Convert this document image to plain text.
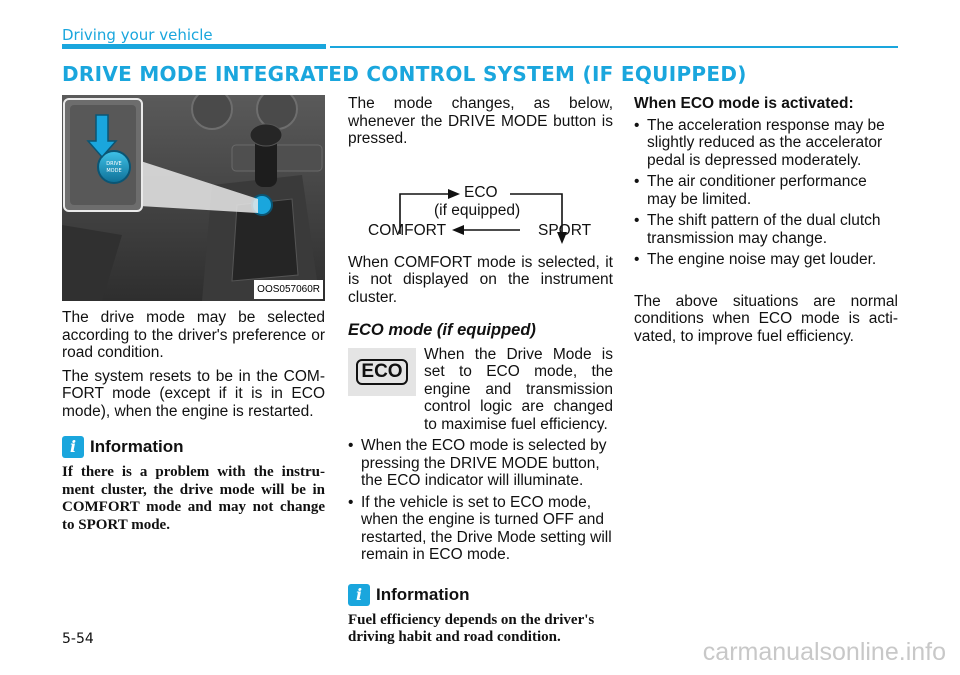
Driving your vehicle
DRIVE MODE INTEGRATED CONTROL SYSTEM (IF EQUIPPED)
DRIVE
MODE
OOS057060R

The drive mode may be selected according to the driver's preference or road condition.

The system resets to be in the COM-FORT mode (except if it is in ECO mode), when the engine is restarted.

i Information

If there is a problem with the instru-ment cluster, the drive mode will be in COMFORT mode and may not change to SPORT mode.

The mode changes, as below, whenever the DRIVE MODE button is pressed.

ECO
(if equipped)
COMFORT	SPORT

When COMFORT mode is selected, it is not displayed on the instrument cluster.

ECO mode (if equipped)
ECO

When the Drive Mode is set to ECO mode, the engine and transmission control logic are changed to maximise fuel efficiency.

• When the ECO mode is selected by pressing the DRIVE MODE button, the ECO indicator will illuminate.
• If the vehicle is set to ECO mode, when the engine is turned OFF and restarted, the Drive Mode setting will remain in ECO mode.
i Information

Fuel efficiency depends on the driver's driving habit and road condition.

When ECO mode is activated:

• The acceleration response may be slightly reduced as the accelerator pedal is depressed moderately.
• The air conditioner performance may be limited.
• The shift pattern of the dual clutch transmission may change.
• The engine noise may get louder.

The above situations are normal conditions when ECO mode is acti-vated, to improve fuel efficiency.

5-54	carmanualsonline.info
